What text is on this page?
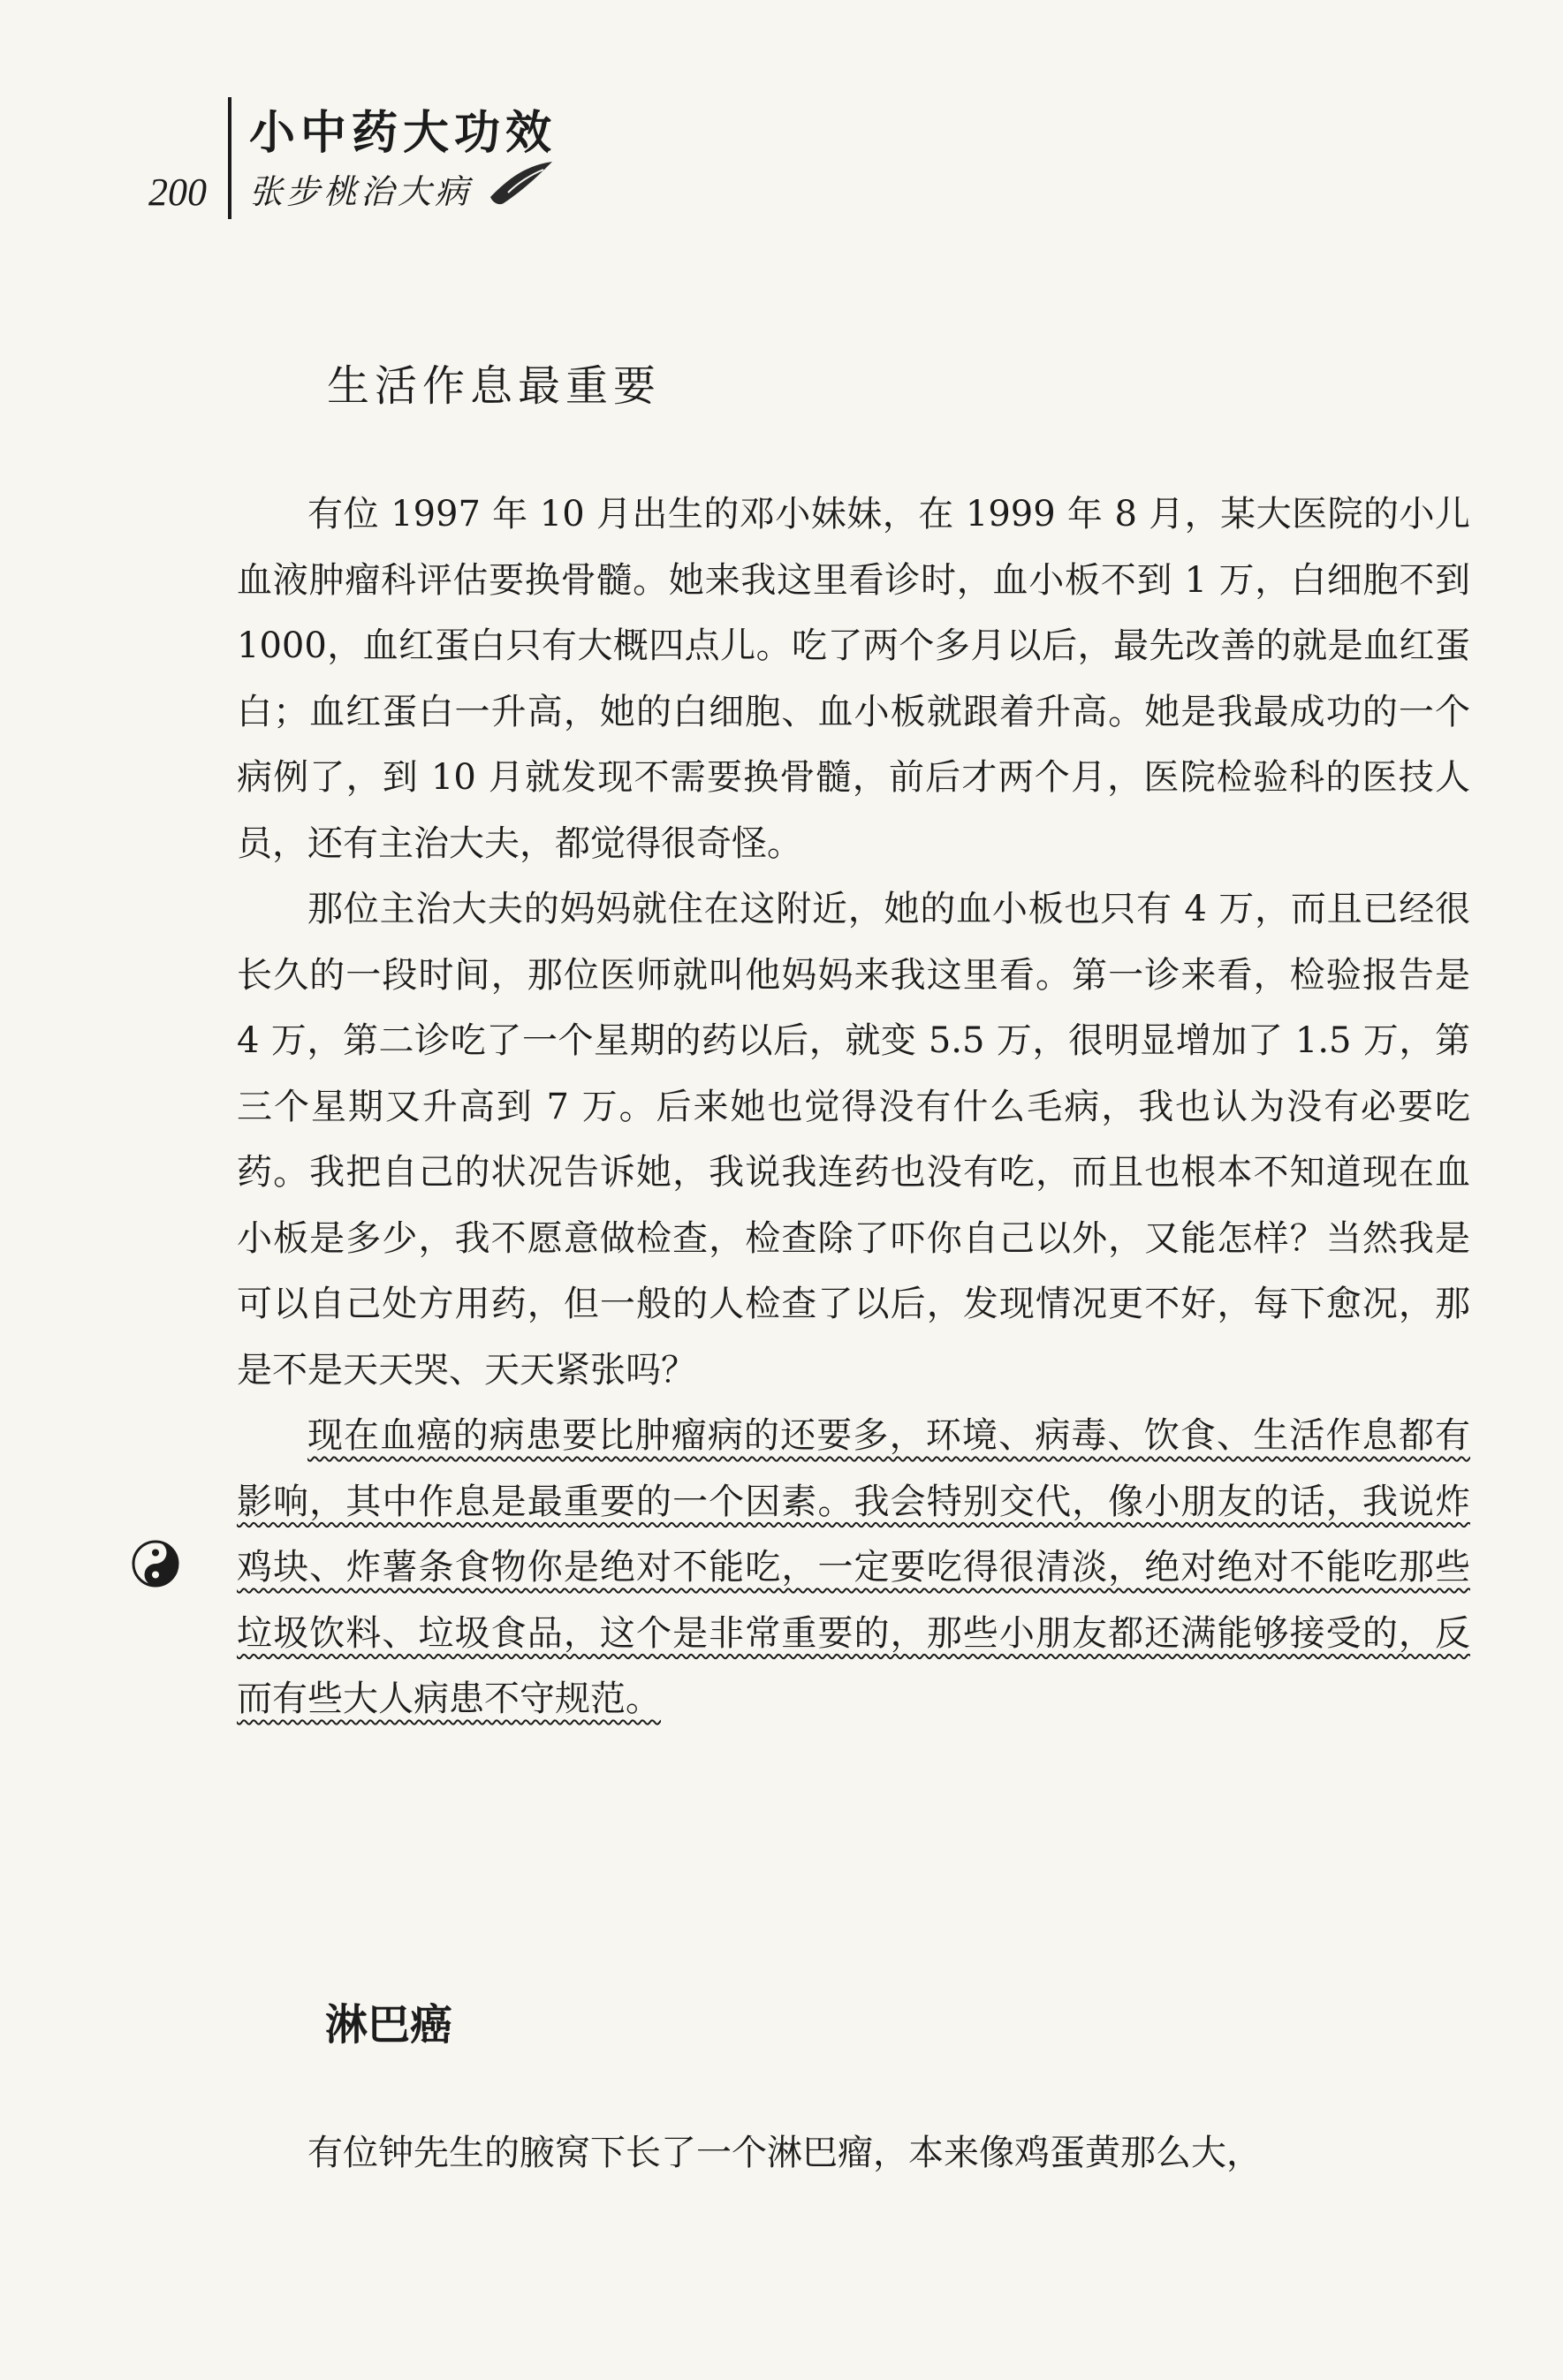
200
小中药大功效
张步桃治大病
生活作息最重要

有位 1997 年 10 月出生的邓小妹妹，在 1999 年 8 月，某大医院的小儿血液肿瘤科评估要换骨髓。她来我这里看诊时，血小板不到 1 万，白细胞不到 1000，血红蛋白只有大概四点儿。吃了两个多月以后，最先改善的就是血红蛋白；血红蛋白一升高，她的白细胞、血小板就跟着升高。她是我最成功的一个病例了，到 10 月就发现不需要换骨髓，前后才两个月，医院检验科的医技人员，还有主治大夫，都觉得很奇怪。

那位主治大夫的妈妈就住在这附近，她的血小板也只有 4 万，而且已经很长久的一段时间，那位医师就叫他妈妈来我这里看。第一诊来看，检验报告是 4 万，第二诊吃了一个星期的药以后，就变 5.5 万，很明显增加了 1.5 万，第三个星期又升高到 7 万。后来她也觉得没有什么毛病，我也认为没有必要吃药。我把自己的状况告诉她，我说我连药也没有吃，而且也根本不知道现在血小板是多少，我不愿意做检查，检查除了吓你自己以外，又能怎样？当然我是可以自己处方用药，但一般的人检查了以后，发现情况更不好，每下愈况，那是不是天天哭、天天紧张吗？

现在血癌的病患要比肿瘤病的还要多，环境、病毒、饮食、生活作息都有影响，其中作息是最重要的一个因素。我会特别交代，像小朋友的话，我说炸鸡块、炸薯条食物你是绝对不能吃，一定要吃得很清淡，绝对绝对不能吃那些垃圾饮料、垃圾食品，这个是非常重要的，那些小朋友都还满能够接受的，反而有些大人病患不守规范。

淋巴癌

有位钟先生的腋窝下长了一个淋巴瘤，本来像鸡蛋黄那么大，
